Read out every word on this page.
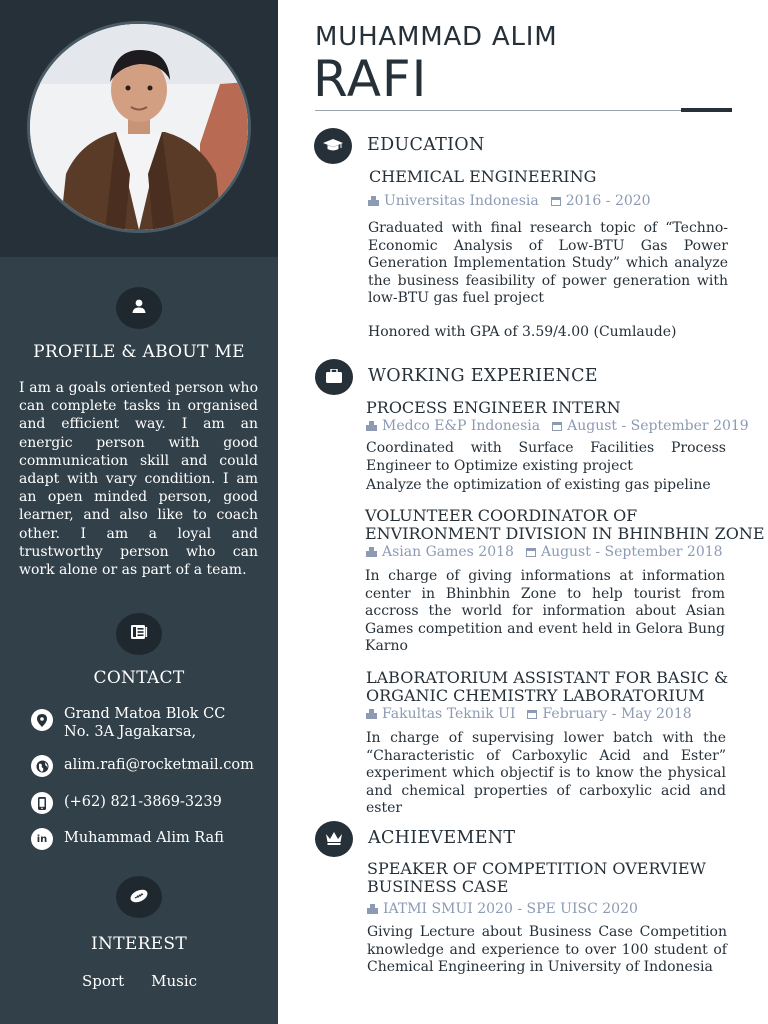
PROFILE & ABOUT ME

I am a goals oriented person who can complete tasks in organised and efficient way. I am an energic person with good communication skill and could adapt with vary condition. I am an open minded person, good learner, and also like to coach other. I am a loyal and trustworthy person who can work alone or as part of a team.

CONTACT
Grand Matoa Blok CC
No. 3A Jagakarsa,
alim.rafi@rocketmail.com
(+62) 821-3869-3239
in Muhammad Alim Rafi
INTEREST
Sport Music
MUHAMMAD ALIM
RAFI
EDUCATION
CHEMICAL ENGINEERING
Universitas Indonesia 2016 - 2020

Graduated with final research topic of “Techno-Economic Analysis of Low-BTU Gas Power Generation Implementation Study” which analyze the business feasibility of power generation with low-BTU gas fuel project

Honored with GPA of 3.59/4.00 (Cumlaude)

WORKING EXPERIENCE
PROCESS ENGINEER INTERN
Medco E&P Indonesia August - September 2019

Coordinated with Surface Facilities Process Engineer to Optimize existing project

Analyze the optimization of existing gas pipeline

VOLUNTEER COORDINATOR OF ENVIRONMENT DIVISION IN BHINBHIN ZONE

Asian Games 2018 August - September 2018

In charge of giving informations at information center in Bhinbhin Zone to help tourist from accross the world for information about Asian Games competition and event held in Gelora Bung Karno

LABORATORIUM ASSISTANT FOR BASIC & ORGANIC CHEMISTRY LABORATORIUM

Fakultas Teknik UI February - May 2018

In charge of supervising lower batch with the “Characteristic of Carboxylic Acid and Ester” experiment which objectif is to know the physical and chemical properties of carboxylic acid and ester

ACHIEVEMENT

SPEAKER OF COMPETITION OVERVIEW BUSINESS CASE

IATMI SMUI 2020 - SPE UISC 2020

Giving Lecture about Business Case Competition knowledge and experience to over 100 student of Chemical Engineering in University of Indonesia
